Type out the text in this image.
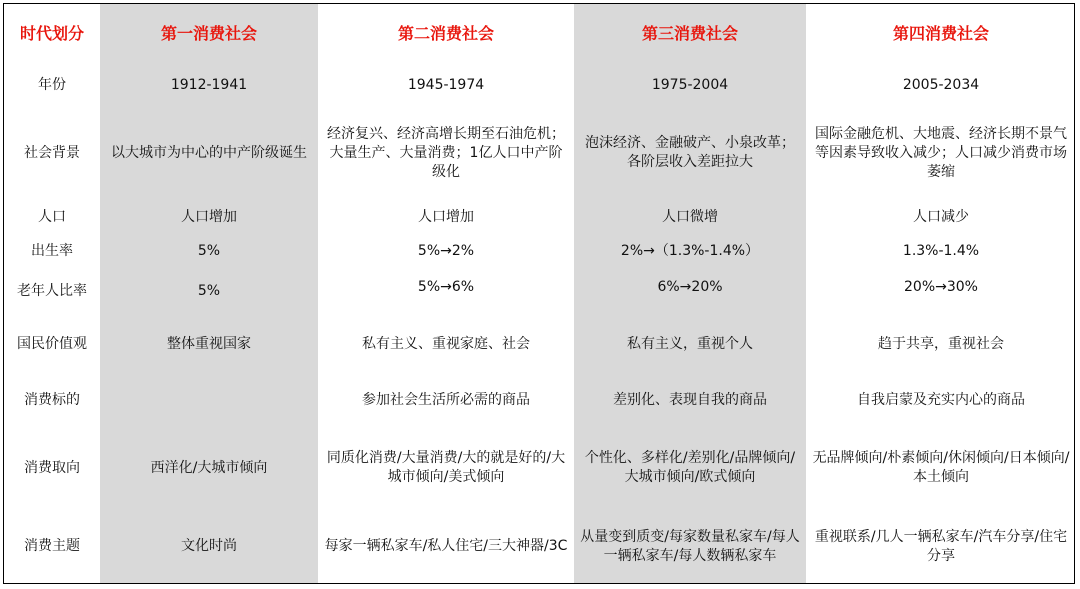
时代划分	第一消费社会	第二消费社会	第三消费社会	第四消费社会
年份	1912-1941	1945-1974	1975-2004	2005-2034
社会背景	以大城市为中心的中产阶级诞生	经济复兴、经济高增长期至石油危机；大量生产、大量消费；1亿人口中产阶级化	泡沫经济、金融破产、小泉改革；各阶层收入差距拉大	国际金融危机、大地震、经济长期不景气等因素导致收入减少；人口减少消费市场萎缩
人口	人口增加	人口增加	人口微增	人口减少
出生率	5%	5%→2%	2%→（1.3%-1.4%）	1.3%-1.4%
老年人比率	5%	5%→6%	6%→20%	20%→30%
国民价值观	整体重视国家	私有主义、重视家庭、社会	私有主义，重视个人	趋于共享，重视社会
消费标的		参加社会生活所必需的商品	差别化、表现自我的商品	自我启蒙及充实内心的商品
消费取向	西洋化/大城市倾向	同质化消费/大量消费/大的就是好的/大城市倾向/美式倾向	个性化、多样化/差别化/品牌倾向/大城市倾向/欧式倾向	无品牌倾向/朴素倾向/休闲倾向/日本倾向/本土倾向
消费主题	文化时尚	每家一辆私家车/私人住宅/三大神器/3C	从量变到质变/每家数量私家车/每人一辆私家车/每人数辆私家车	重视联系/几人一辆私家车/汽车分享/住宅分享
